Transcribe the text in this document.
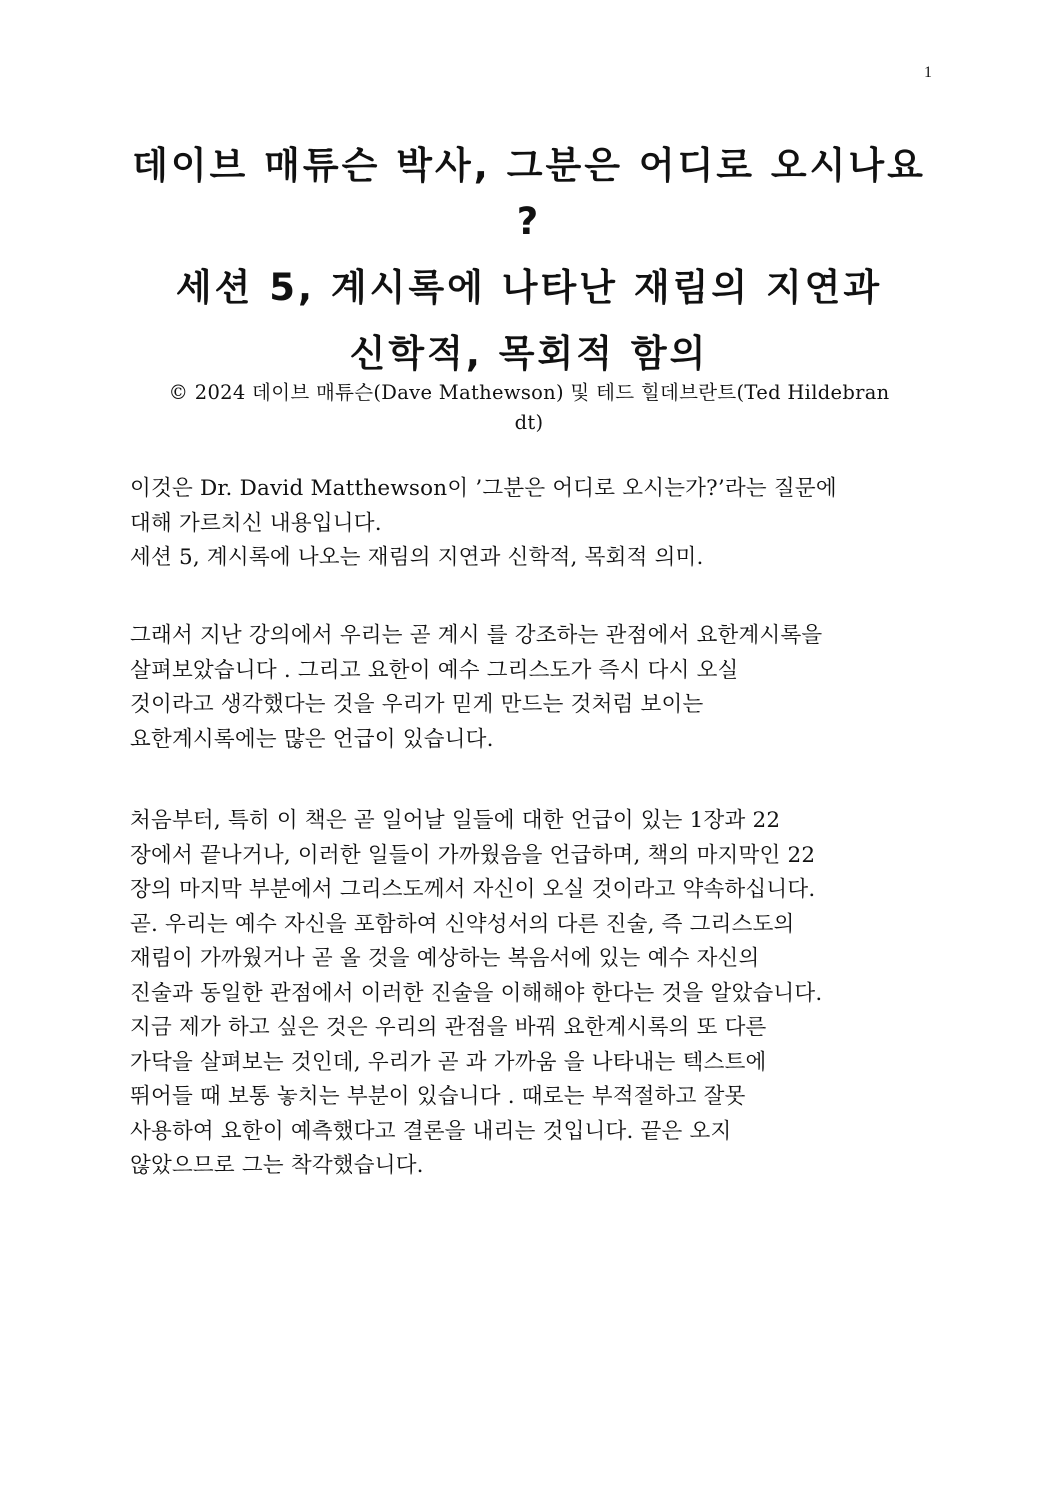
1

데이브 매튜슨 박사, 그분은 어디로 오시나요

?

세션 5, 계시록에 나타난 재림의 지연과

신학적, 목회적 함의

© 2024 데이브 매튜슨(Dave Mathewson) 및 테드 힐데브란트(Ted Hildebran
dt)
이것은 Dr. David Matthewson이 ’그분은 어디로 오시는가?’라는 질문에
대해 가르치신 내용입니다.
세션 5, 계시록에 나오는 재림의 지연과 신학적, 목회적 의미.
그래서 지난 강의에서 우리는 곧 계시 를 강조하는 관점에서 요한계시록을
살펴보았습니다 . 그리고 요한이 예수 그리스도가 즉시 다시 오실
것이라고 생각했다는 것을 우리가 믿게 만드는 것처럼 보이는
요한계시록에는 많은 언급이 있습니다.
처음부터, 특히 이 책은 곧 일어날 일들에 대한 언급이 있는 1장과 22
장에서 끝나거나, 이러한 일들이 가까웠음을 언급하며, 책의 마지막인 22
장의 마지막 부분에서 그리스도께서 자신이 오실 것이라고 약속하십니다.
곧. 우리는 예수 자신을 포함하여 신약성서의 다른 진술, 즉 그리스도의
재림이 가까웠거나 곧 올 것을 예상하는 복음서에 있는 예수 자신의
진술과 동일한 관점에서 이러한 진술을 이해해야 한다는 것을 알았습니다.
지금 제가 하고 싶은 것은 우리의 관점을 바꿔 요한계시록의 또 다른
가닥을 살펴보는 것인데, 우리가 곧 과 가까움 을 나타내는 텍스트에
뛰어들 때 보통 놓치는 부분이 있습니다 . 때로는 부적절하고 잘못
사용하여 요한이 예측했다고 결론을 내리는 것입니다. 끝은 오지
않았으므로 그는 착각했습니다.
